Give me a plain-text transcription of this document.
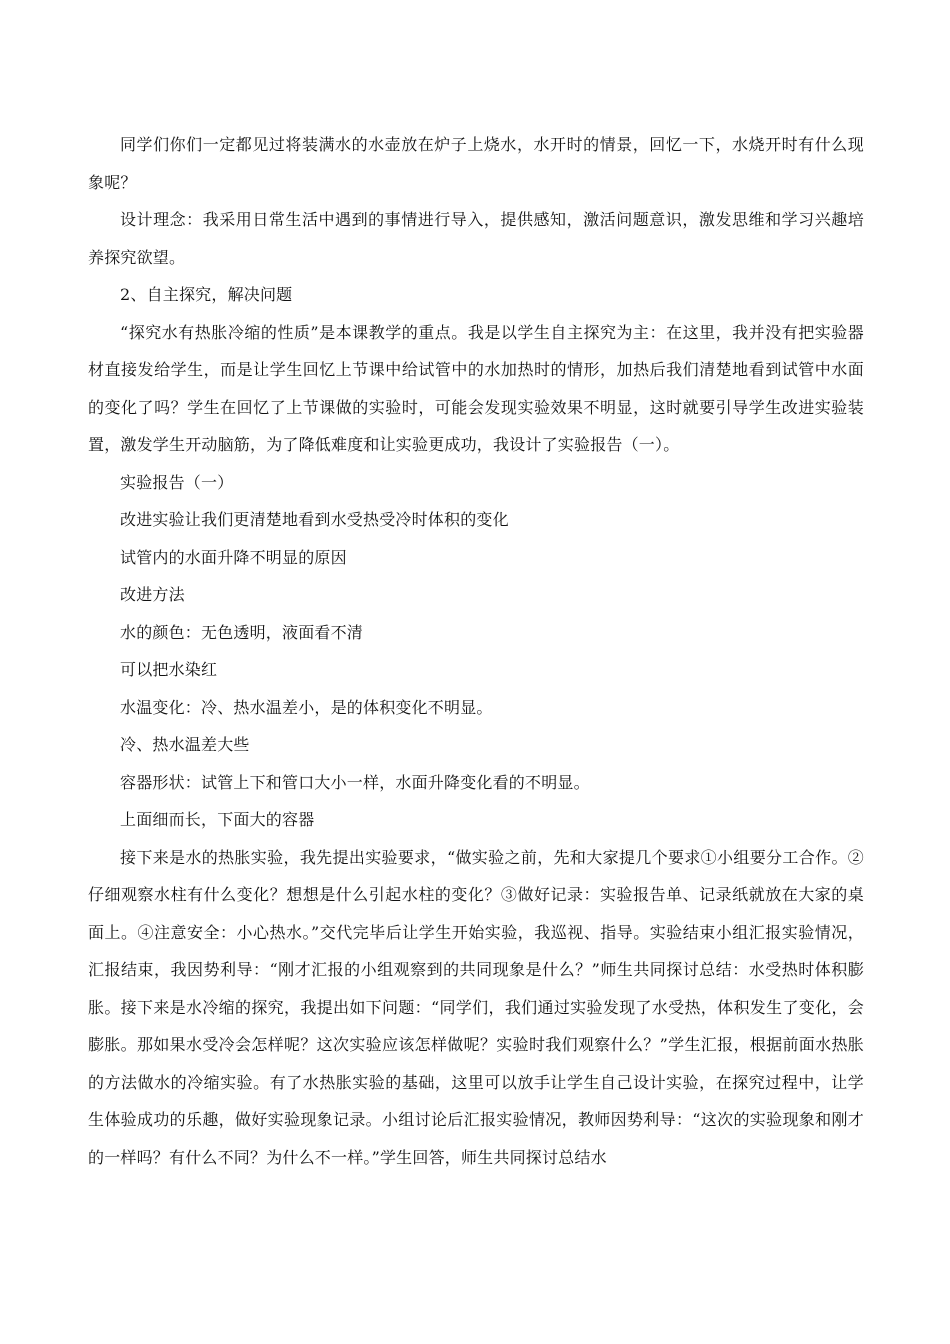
同学们你们一定都见过将装满水的水壶放在炉子上烧水，水开时的情景，回忆一下，水烧开时有什么现象呢？

设计理念：我采用日常生活中遇到的事情进行导入，提供感知，激活问题意识，激发思维和学习兴趣培养探究欲望。

2、自主探究，解决问题

“探究水有热胀冷缩的性质”是本课教学的重点。我是以学生自主探究为主：在这里，我并没有把实验器材直接发给学生，而是让学生回忆上节课中给试管中的水加热时的情形，加热后我们清楚地看到试管中水面的变化了吗？学生在回忆了上节课做的实验时，可能会发现实验效果不明显，这时就要引导学生改进实验装置，激发学生开动脑筋，为了降低难度和让实验更成功，我设计了实验报告（一）。

实验报告（一）

改进实验让我们更清楚地看到水受热受冷时体积的变化

试管内的水面升降不明显的原因

改进方法

水的颜色：无色透明，液面看不清

可以把水染红

水温变化：冷、热水温差小，是的体积变化不明显。

冷、热水温差大些

容器形状：试管上下和管口大小一样，水面升降变化看的不明显。

上面细而长，下面大的容器

接下来是水的热胀实验，我先提出实验要求，“做实验之前，先和大家提几个要求①小组要分工合作。②仔细观察水柱有什么变化？想想是什么引起水柱的变化？③做好记录：实验报告单、记录纸就放在大家的桌面上。④注意安全：小心热水。”交代完毕后让学生开始实验，我巡视、指导。实验结束小组汇报实验情况，汇报结束，我因势利导：“刚才汇报的小组观察到的共同现象是什么？”师生共同探讨总结：水受热时体积膨胀。接下来是水冷缩的探究，我提出如下问题：“同学们，我们通过实验发现了水受热，体积发生了变化，会膨胀。那如果水受冷会怎样呢？这次实验应该怎样做呢？实验时我们观察什么？”学生汇报，根据前面水热胀的方法做水的冷缩实验。有了水热胀实验的基础，这里可以放手让学生自己设计实验，在探究过程中，让学生体验成功的乐趣，做好实验现象记录。小组讨论后汇报实验情况，教师因势利导：“这次的实验现象和刚才的一样吗？有什么不同？为什么不一样。”学生回答，师生共同探讨总结水
